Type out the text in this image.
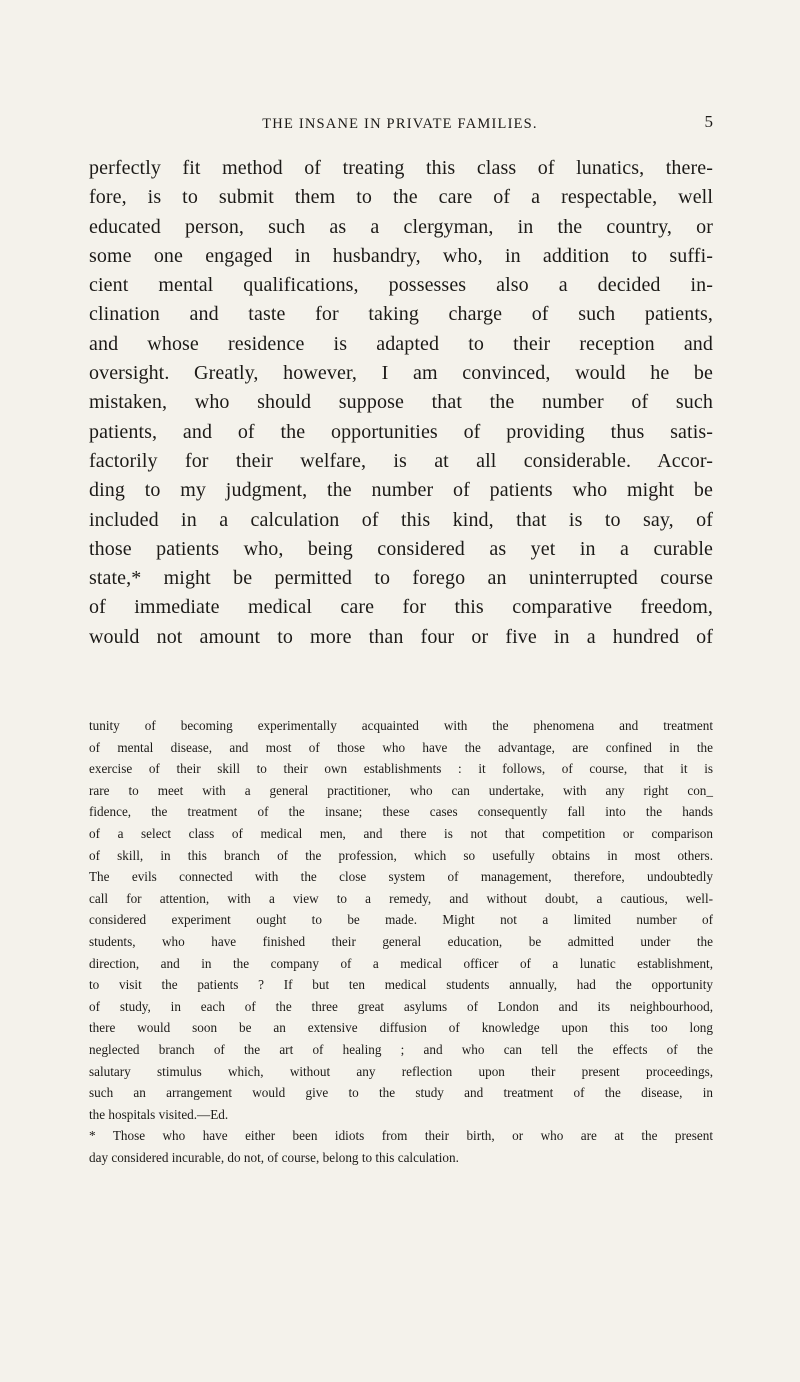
THE INSANE IN PRIVATE FAMILIES.	5
perfectly fit method of treating this class of lunatics, there-
fore, is to submit them to the care of a respectable, well
educated person, such as a clergyman, in the country, or
some one engaged in husbandry, who, in addition to suffi-
cient mental qualifications, possesses also a decided in-
clination and taste for taking charge of such patients,
and whose residence is adapted to their reception and
oversight. Greatly, however, I am convinced, would he be
mistaken, who should suppose that the number of such
patients, and of the opportunities of providing thus satis-
factorily for their welfare, is at all considerable. Accor-
ding to my judgment, the number of patients who might be
included in a calculation of this kind, that is to say, of
those patients who, being considered as yet in a curable
state,* might be permitted to forego an uninterrupted course
of immediate medical care for this comparative freedom,
would not amount to more than four or five in a hundred of
tunity of becoming experimentally acquainted with the phenomena and treatment
of mental disease, and most of those who have the advantage, are confined in the
exercise of their skill to their own establishments : it follows, of course, that it is
rare to meet with a general practitioner, who can undertake, with any right con_
fidence, the treatment of the insane; these cases consequently fall into the hands
of a select class of medical men, and there is not that competition or comparison
of skill, in this branch of the profession, which so usefully obtains in most others.
The evils connected with the close system of management, therefore, undoubtedly
call for attention, with a view to a remedy, and without doubt, a cautious, well-
considered experiment ought to be made. Might not a limited number of
students, who have finished their general education, be admitted under the
direction, and in the company of a medical officer of a lunatic establishment,
to visit the patients ? If but ten medical students annually, had the opportunity
of study, in each of the three great asylums of London and its neighbourhood,
there would soon be an extensive diffusion of knowledge upon this too long
neglected branch of the art of healing ; and who can tell the effects of the
salutary stimulus which, without any reflection upon their present proceedings,
such an arrangement would give to the study and treatment of the disease, in
the hospitals visited.—Ed.
* Those who have either been idiots from their birth, or who are at the present
day considered incurable, do not, of course, belong to this calculation.
